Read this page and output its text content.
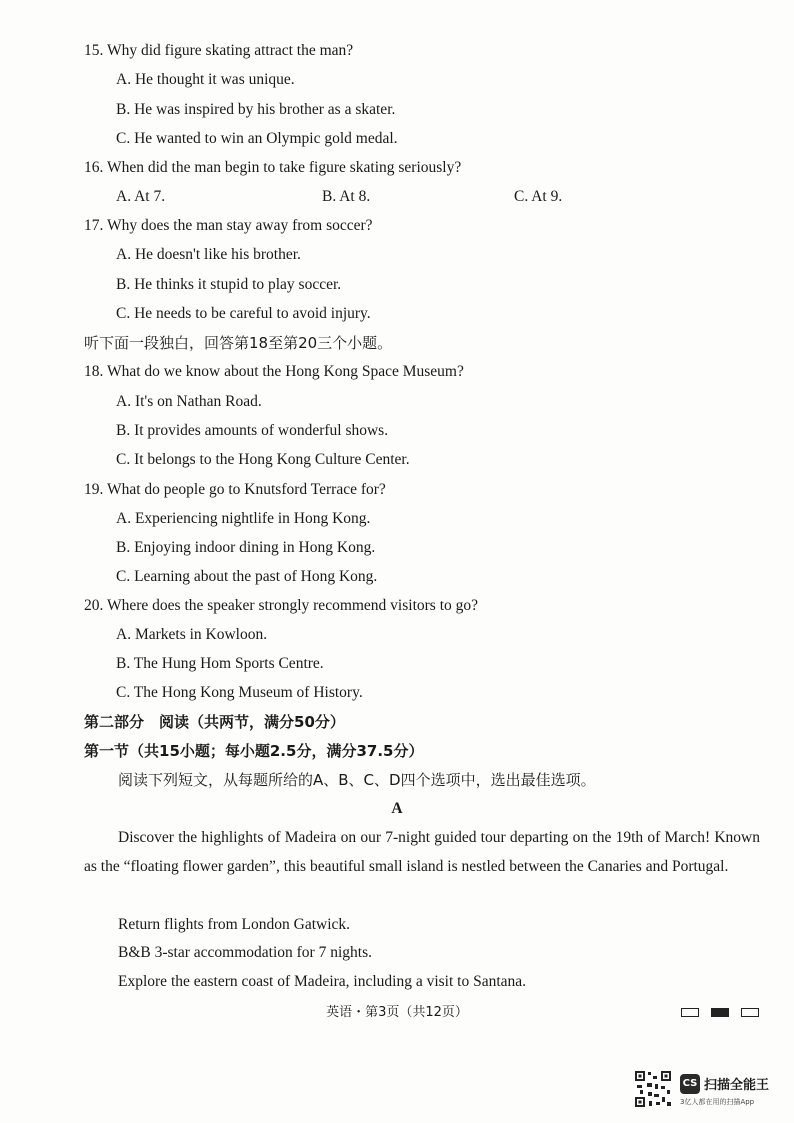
15. Why did figure skating attract the man?
A. He thought it was unique.
B. He was inspired by his brother as a skater.
C. He wanted to win an Olympic gold medal.
16. When did the man begin to take figure skating seriously?
A. At 7.	B. At 8.	C. At 9.
17. Why does the man stay away from soccer?
A. He doesn't like his brother.
B. He thinks it stupid to play soccer.
C. He needs to be careful to avoid injury.
听下面一段独白，回答第18至第20三个小题。
18. What do we know about the Hong Kong Space Museum?
A. It's on Nathan Road.
B. It provides amounts of wonderful shows.
C. It belongs to the Hong Kong Culture Center.
19. What do people go to Knutsford Terrace for?
A. Experiencing nightlife in Hong Kong.
B. Enjoying indoor dining in Hong Kong.
C. Learning about the past of Hong Kong.
20. Where does the speaker strongly recommend visitors to go?
A. Markets in Kowloon.
B. The Hung Hom Sports Centre.
C. The Hong Kong Museum of History.
第二部分　阅读（共两节，满分50分）
第一节（共15小题；每小题2.5分，满分37.5分）
阅读下列短文，从每题所给的A、B、C、D四个选项中，选出最佳选项。
A
Discover the highlights of Madeira on our 7-night guided tour departing on the 19th of March! Known as the “floating flower garden”, this beautiful small island is nestled between the Canaries and Portugal.
Return flights from London Gatwick.
B&B 3-star accommodation for 7 nights.
Explore the eastern coast of Madeira, including a visit to Santana.
英语・第3页（共12页）
CS 扫描全能王
3亿人都在用的扫描App
